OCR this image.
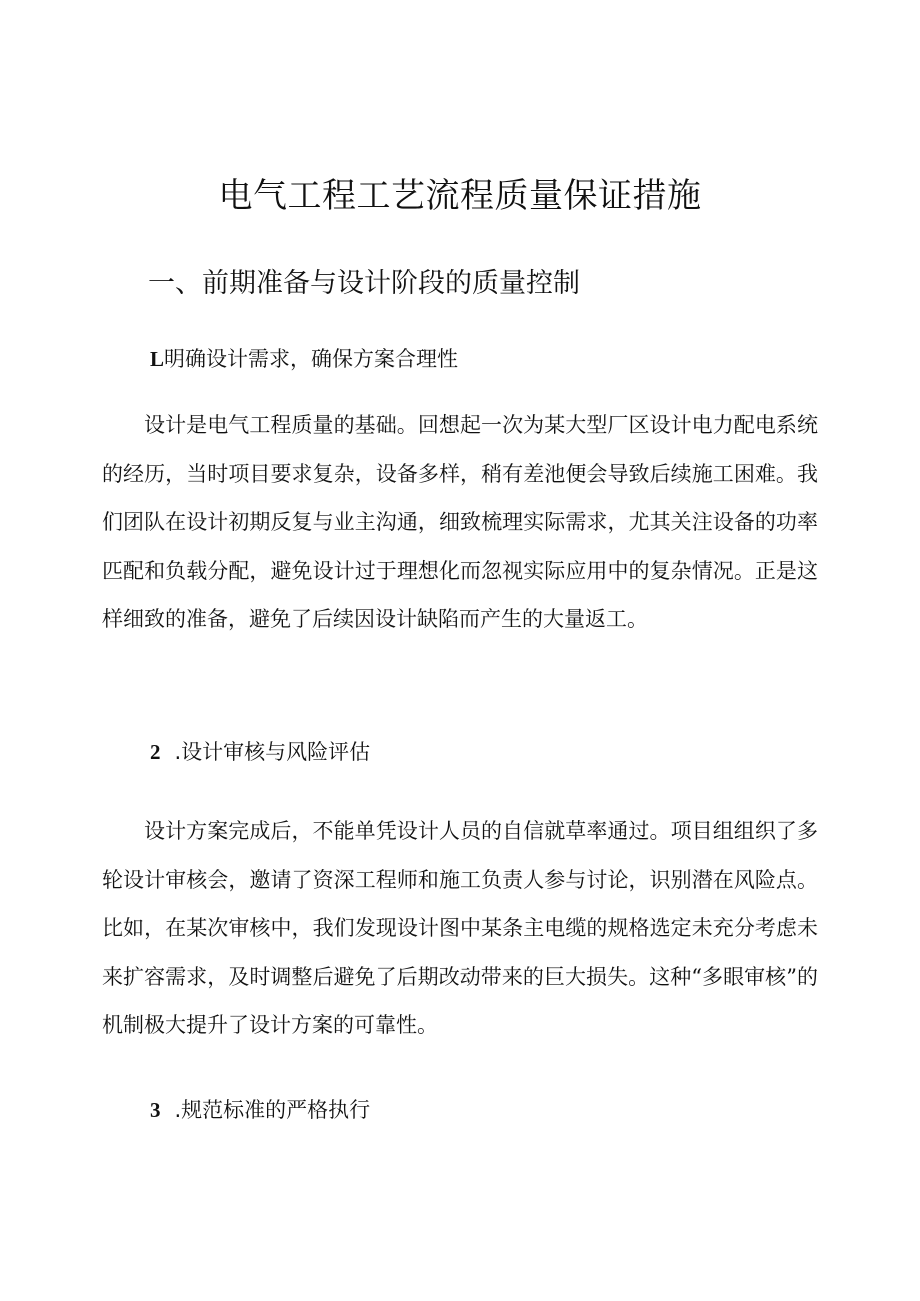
电气工程工艺流程质量保证措施
一、前期准备与设计阶段的质量控制
L明确设计需求，确保方案合理性

设计是电气工程质量的基础。回想起一次为某大型厂区设计电力配电系统的经历，当时项目要求复杂，设备多样，稍有差池便会导致后续施工困难。我们团队在设计初期反复与业主沟通，细致梳理实际需求，尤其关注设备的功率匹配和负载分配，避免设计过于理想化而忽视实际应用中的复杂情况。正是这样细致的准备，避免了后续因设计缺陷而产生的大量返工。

2 .设计审核与风险评估

设计方案完成后，不能单凭设计人员的自信就草率通过。项目组组织了多轮设计审核会，邀请了资深工程师和施工负责人参与讨论，识别潜在风险点。比如，在某次审核中，我们发现设计图中某条主电缆的规格选定未充分考虑未来扩容需求，及时调整后避免了后期改动带来的巨大损失。这种“多眼审核”的机制极大提升了设计方案的可靠性。

3 .规范标准的严格执行
